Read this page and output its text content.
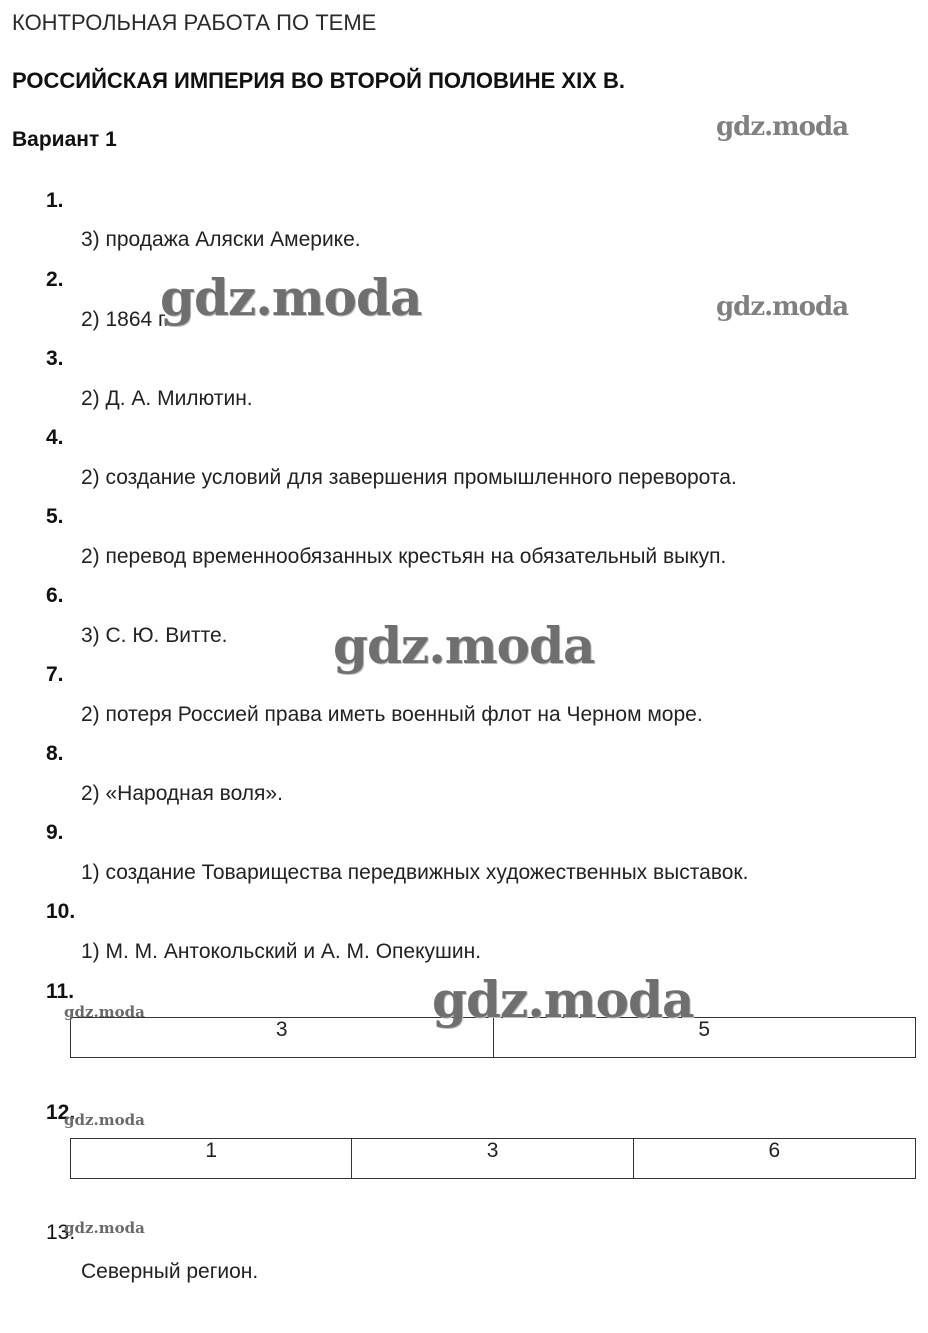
КОНТРОЛЬНАЯ РАБОТА ПО ТЕМЕ
РОССИЙСКАЯ ИМПЕРИЯ ВО ВТОРОЙ ПОЛОВИНЕ XIX В.
Вариант 1
1.
3) продажа Аляски Америке.
2.
2) 1864 г.
3.
2) Д. А. Милютин.
4.
2) создание условий для завершения промышленного переворота.
5.
2) перевод временнообязанных крестьян на обязательный выкуп.
6.
3) С. Ю. Витте.
7.
2) потеря Россией права иметь военный флот на Черном море.
8.
2) «Народная воля».
9.
1) создание Товарищества передвижных художественных выставок.
10.
1) М. М. Антокольский и А. М. Опекушин.
11.
3	5
12.
1	3	6
13.
Северный регион.
gdz.moda
gdz.moda	gdz.moda
gdz.moda
gdz.moda
gdz.moda
gdz.moda
gdz.moda
